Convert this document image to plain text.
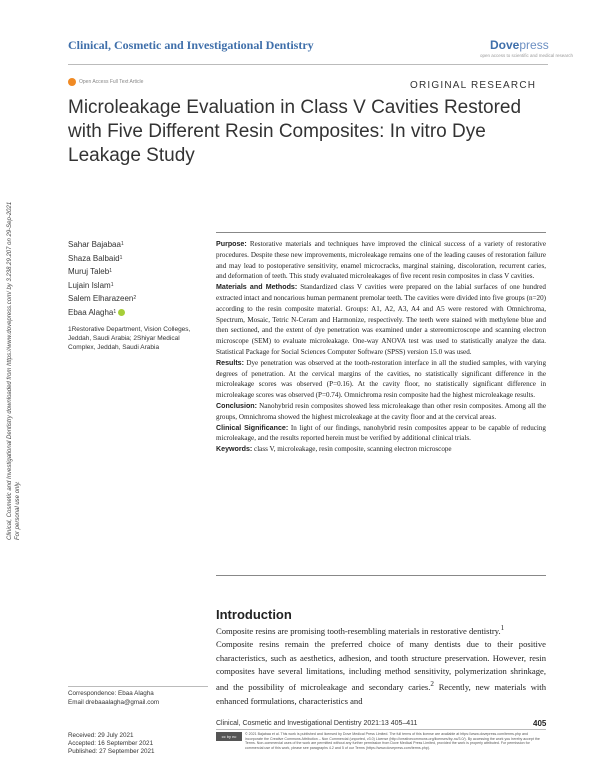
Clinical, Cosmetic and Investigational Dentistry	Dovepress
open access to scientific and medical research
Open Access Full Text Article	ORIGINAL RESEARCH
Microleakage Evaluation in Class V Cavities Restored with Five Different Resin Composites: In vitro Dye Leakage Study
Clinical, Cosmetic and Investigational Dentistry downloaded from https://www.dovepress.com/ by 3.238.29.207 on 29-Sep-2021 For personal use only.
Sahar Bajabaa 1
Shaza Balbaid 1
Muruj Taleb 1
Lujain Islam 1
Salem Elharazeen 2
Ebaa Alagha 1
1Restorative Department, Vision Colleges, Jeddah, Saudi Arabia; 2Shiyar Medical Complex, Jeddah, Saudi Arabia

Purpose: Restorative materials and techniques have improved the clinical success of a variety of restorative procedures. Despite these new improvements, microleakage remains one of the leading causes of restoration failure and may lead to postoperative sensitivity, enamel microcracks, marginal staining, discoloration, recurrent caries, and deformation of teeth. This study evaluated microleakages of five recent resin composites in class V cavities.

Materials and Methods: Standardized class V cavities were prepared on the labial surfaces of one hundred extracted intact and noncarious human permanent premolar teeth. The cavities were divided into five groups (n=20) according to the resin composite material. Groups: A1, A2, A3, A4 and A5 were restored with Omnichroma, Spectrum, Mosaic, Tetric N-Ceram and Harmonize, respectively. The teeth were stained with methylene blue and then sectioned, and the extent of dye penetration was examined under a stereomicroscope and scanning electron microscope (SEM) to evaluate microleakage. One-way ANOVA test was used to statistically analyze the data. Statistical Package for Social Sciences Computer Software (SPSS) version 15.0 was used.

Results: Dye penetration was observed at the tooth-restoration interface in all the studied samples, with varying degrees of penetration. At the cervical margins of the cavities, no statistically significant difference in the microleakage scores was observed (P=0.16). At the cavity floor, no statistically significant difference in microleakage scores was observed (P=0.74). Omnichroma resin composite had the highest microleakage results.

Conclusion: Nanohybrid resin composites showed less microleakage than other resin composites. Among all the groups, Omnichroma showed the highest microleakage at the cavity floor and at the cervical areas.

Clinical Significance: In light of our findings, nanohybrid resin composites appear to be capable of reducing microleakage, and the results reported herein must be verified by additional clinical trials.

Keywords: class V, microleakage, resin composite, scanning electron microscope

Introduction

Composite resins are promising tooth-resembling materials in restorative dentistry.$^1$

Composite resins remain the preferred choice of many dentists due to their positive characteristics, such as aesthetics, adhesion, and tooth structure preservation. However, resin composites have several limitations, including method sensitivity, polymerization shrinkage, and the possibility of microleakage and secondary caries.$^2$ Recently, new materials with enhanced formulations, characteristics and

Correspondence: Ebaa Alagha
Email drebaaalagha@gmail.com
Received: 29 July 2021
Accepted: 16 September 2021
Published: 27 September 2021
Clinical, Cosmetic and Investigational Dentistry 2021:13 405–411	405
cc by nc	© 2021 Bajabaa et al. This work is published and licensed by Dove Medical Press Limited. The full terms of this license are available at https://www.dovepress.com/terms.php and incorporate the Creative Commons Attribution – Non Commercial (unported, v3.0) License (http://creativecommons.org/licenses/by-nc/3.0/). By accessing the work you hereby accept the Terms. Non-commercial uses of the work are permitted without any further permission from Dove Medical Press Limited, provided the work is properly attributed. For permission for commercial use of this work, please see paragraphs 4.2 and 5 of our Terms (https://www.dovepress.com/terms.php).
